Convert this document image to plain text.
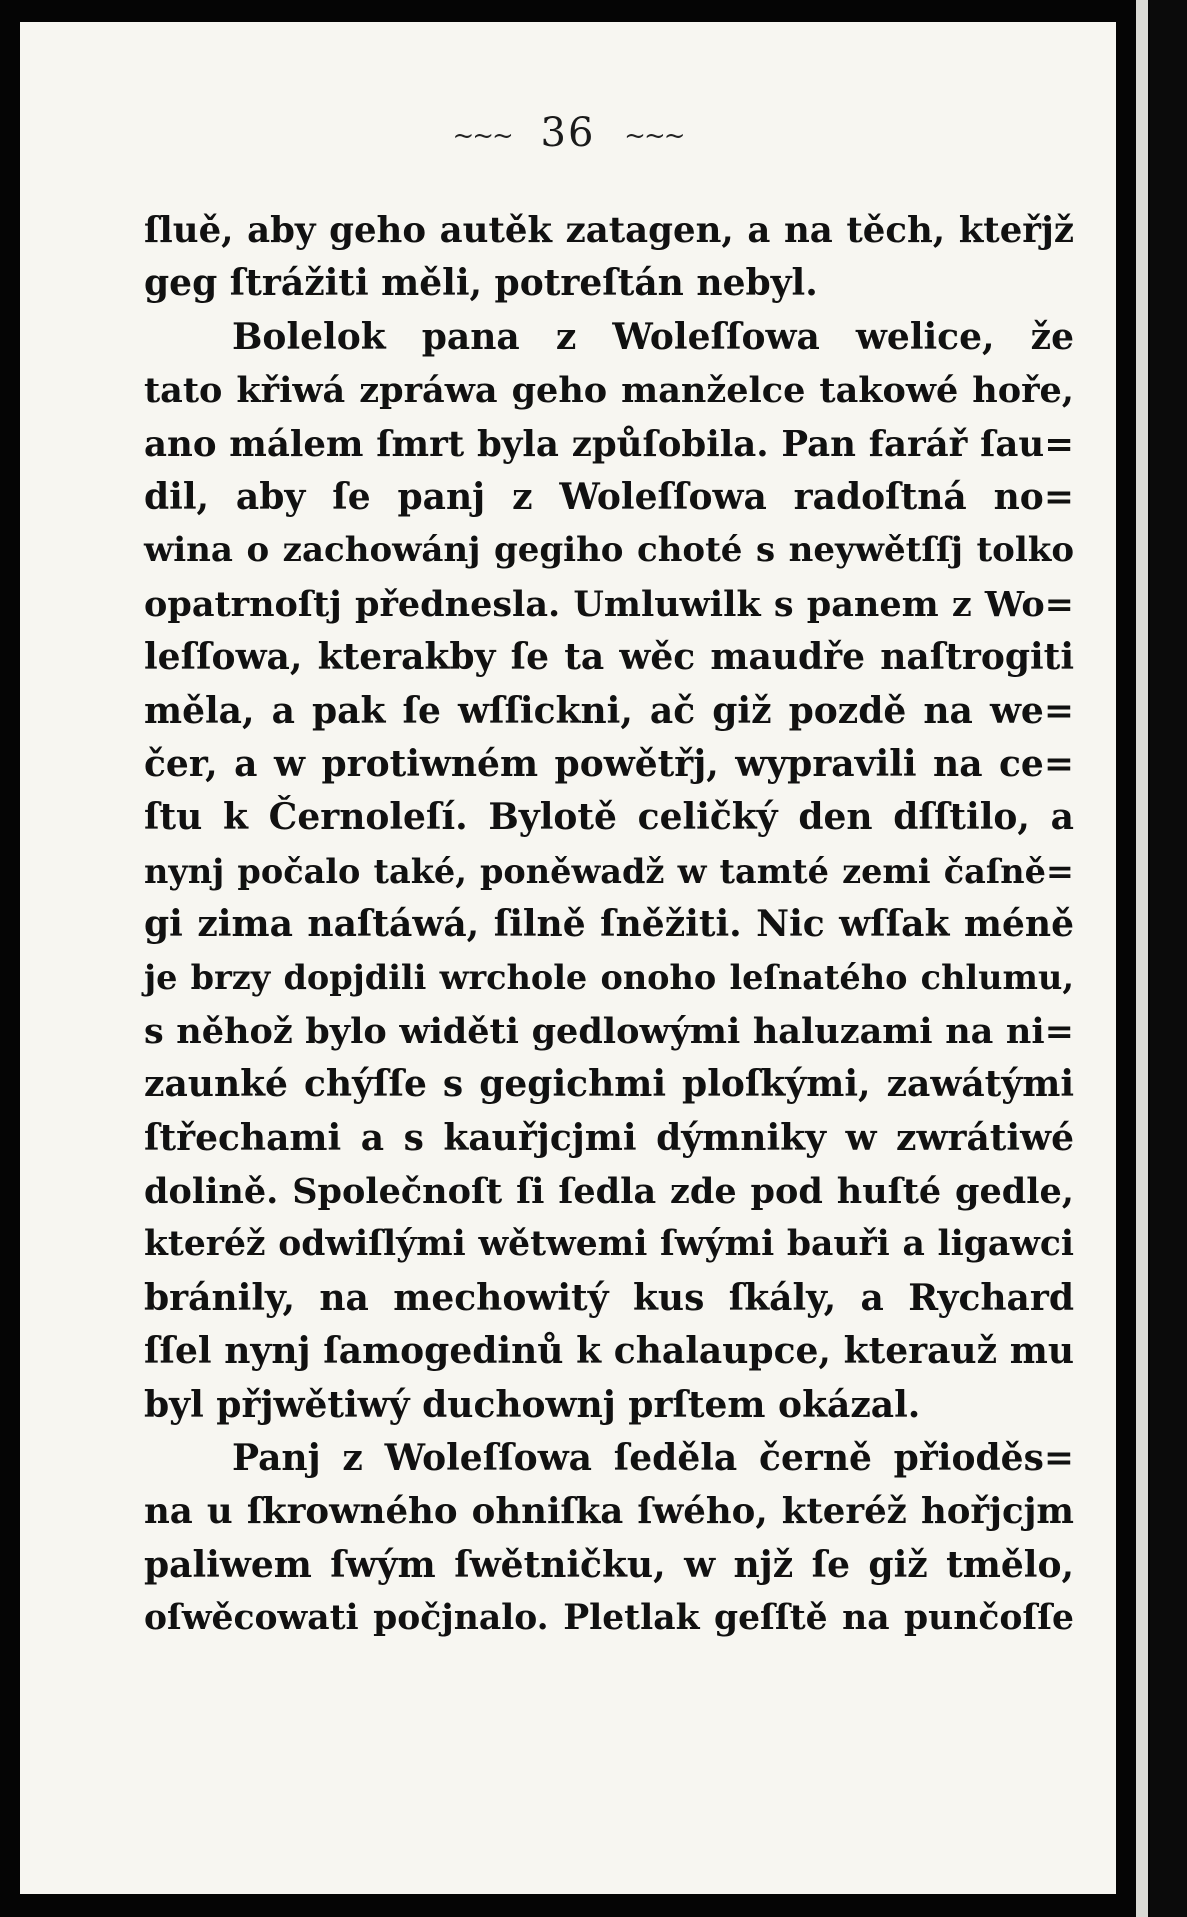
~~~ 36 ~~~
ſluě, aby geho autěk zatagen, a na těch, kteřjž
geg ſtrážiti měli, potreſtán nebyl.
Bolelok pana z Woleſſowa welice, že
tato křiwá zpráwa geho manželce takowé hoře,
ano málem ſmrt byla způſobila. Pan farář ſau=
dil, aby ſe panj z Woleſſowa radoſtná no=
wina o zachowánj gegiho choté s neywětſſj tolko
opatrnoſtj přednesla. Umluwilk s panem z Wo=
leſſowa, kterakby ſe ta wěc maudře naſtrogiti
měla, a pak ſe wſſickni, ač giž pozdě na we=
čer, a w protiwném powětřj, wypravili na ce=
ſtu k Černoleſí. Bylotě celičký den dſſtilo, a
nynj počalo také, poněwadž w tamté zemi čaſně=
gi zima naſtáwá, ſilně ſněžiti. Nic wſſak méně
je brzy dopjdili wrchole onoho leſnatého chlumu,
s něhož bylo widěti gedlowými haluzami na ni=
zaunké chýſſe s gegichmi ploſkými, zawátými
ſtřechami a s kauřjcjmi dýmniky w zwrátiwé
dolině. Společnoſt ſi ſedla zde pod huſté gedle,
kteréž odwiſlými wětwemi ſwými bauři a ligawci
bránily, na mechowitý kus ſkály, a Rychard
ſſel nynj ſamogedinů k chalaupce, kterauž mu
byl přjwětiwý duchownj prſtem okázal.
Panj z Woleſſowa ſeděla černě přioděs=
na u ſkrowného ohniſka ſwého, kteréž hořjcjm
paliwem ſwým ſwětničku, w njž ſe giž tmělo,
oſwěcowati počjnalo. Pletlak geſſtě na punčoſſe
